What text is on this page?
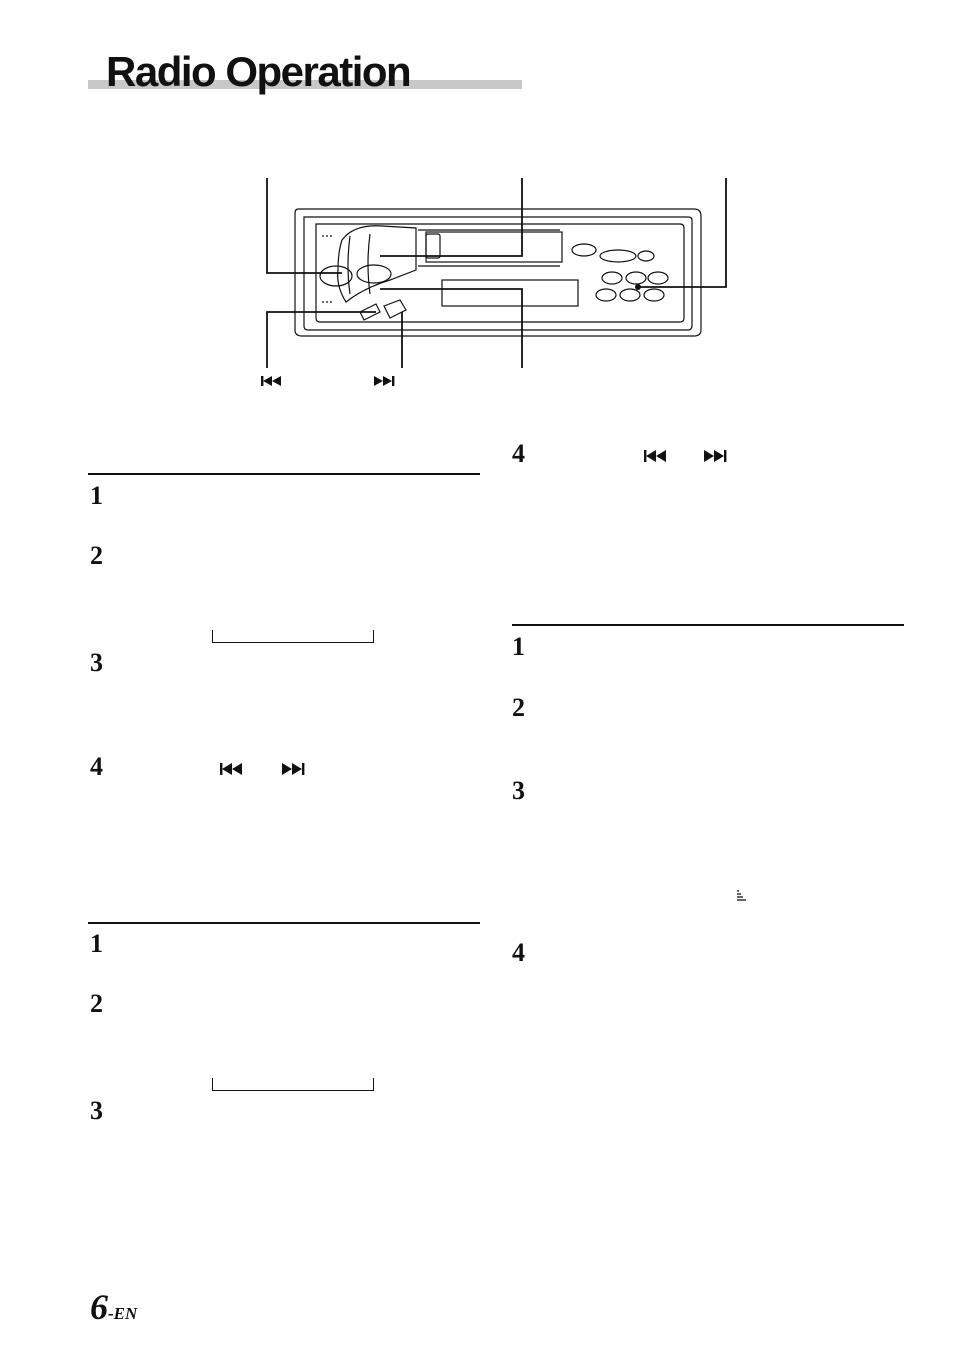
Radio Operation
1
2
3
4
1
2
3
4
1
2
3
4
6-EN
